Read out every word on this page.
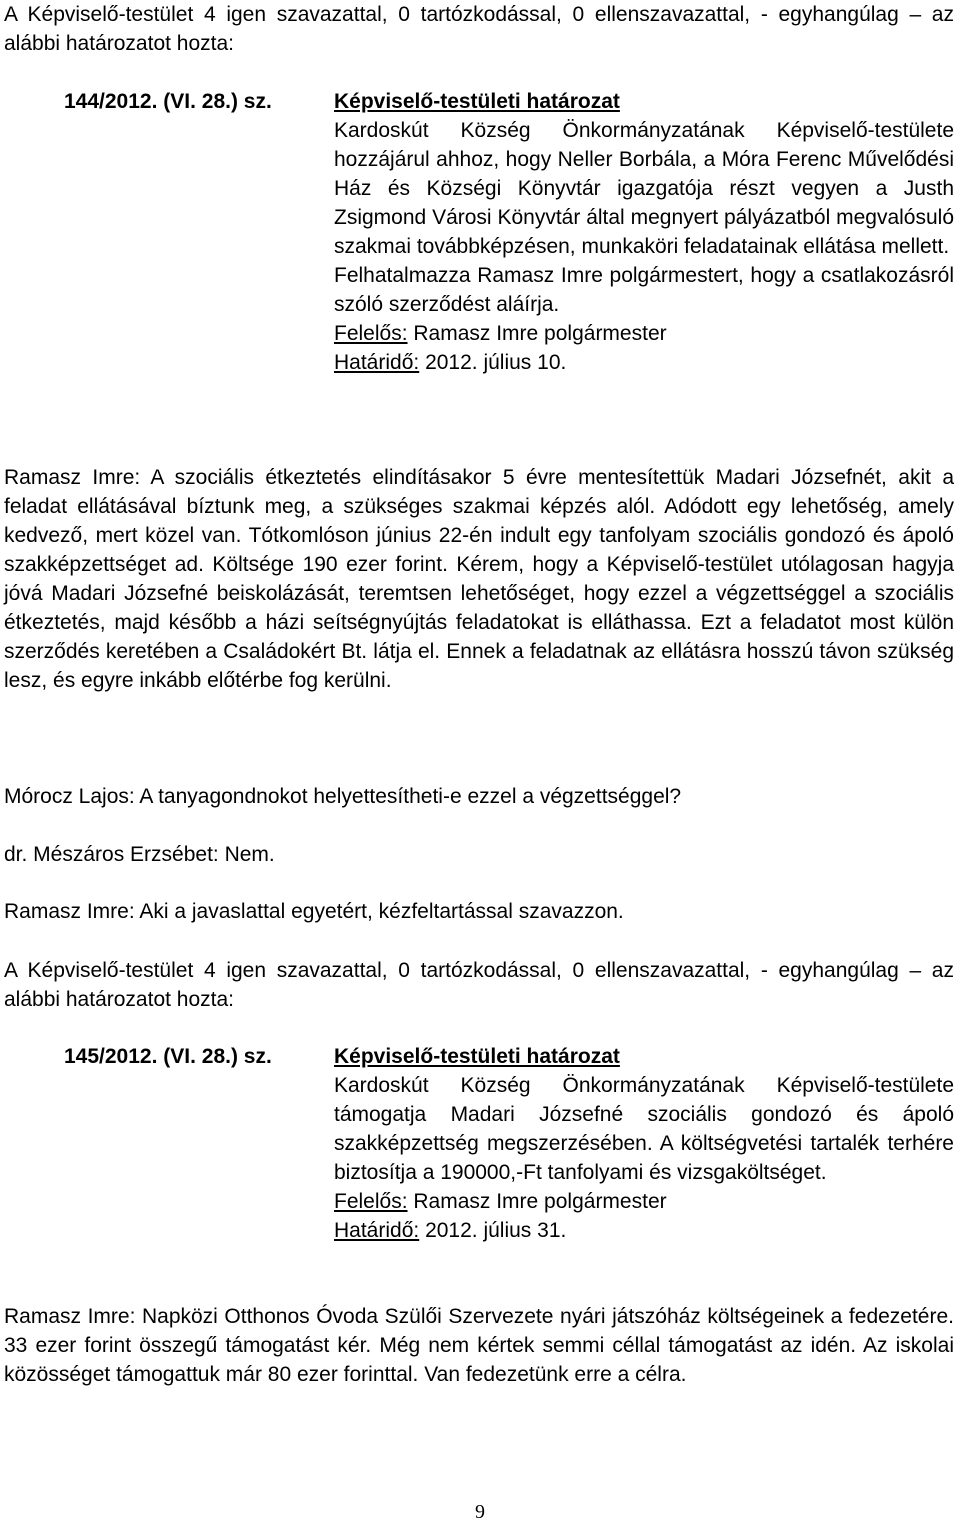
A Képviselő-testület 4 igen szavazattal, 0 tartózkodással, 0 ellenszavazattal, - egyhangúlag – az alábbi határozatot hozta:

144/2012. (VI. 28.) sz.	Képviselő-testületi határozat

Kardoskút Község Önkormányzatának Képviselő-testülete hozzájárul ahhoz, hogy Neller Borbála, a Móra Ferenc Művelődési Ház és Községi Könyvtár igazgatója részt vegyen a Justh Zsigmond Városi Könyvtár által megnyert pályázatból megvalósuló szakmai továbbképzésen, munkaköri feladatainak ellátása mellett.

Felhatalmazza Ramasz Imre polgármestert, hogy a csatlakozásról szóló szerződést aláírja.

Felelős: Ramasz Imre polgármester

Határidő: 2012. július 10.

Ramasz Imre: A szociális étkeztetés elindításakor 5 évre mentesítettük Madari Józsefnét, akit a feladat ellátásával bíztunk meg, a szükséges szakmai képzés alól. Adódott egy lehetőség, amely kedvező, mert közel van. Tótkomlóson június 22-én indult egy tanfolyam szociális gondozó és ápoló szakképzettséget ad. Költsége 190 ezer forint. Kérem, hogy a Képviselő-testület utólagosan hagyja jóvá Madari Józsefné beiskolázását, teremtsen lehetőséget, hogy ezzel a végzettséggel a szociális étkeztetés, majd később a házi seítségnyújtás feladatokat is elláthassa. Ezt a feladatot most külön szerződés keretében a Családokért Bt. látja el. Ennek a feladatnak az ellátásra hosszú távon szükség lesz, és egyre inkább előtérbe fog kerülni.

Mórocz Lajos: A tanyagondnokot helyettesítheti-e ezzel a végzettséggel?

dr. Mészáros Erzsébet: Nem.

Ramasz Imre: Aki a javaslattal egyetért, kézfeltartással szavazzon.

A Képviselő-testület 4 igen szavazattal, 0 tartózkodással, 0 ellenszavazattal, - egyhangúlag – az alábbi határozatot hozta:

145/2012. (VI. 28.) sz.	Képviselő-testületi határozat

Kardoskút Község Önkormányzatának Képviselő-testülete támogatja Madari Józsefné szociális gondozó és ápoló szakképzettség megszerzésében. A költségvetési tartalék terhére biztosítja a 190000,-Ft tanfolyami és vizsgaköltséget.

Felelős: Ramasz Imre polgármester

Határidő: 2012. július 31.

Ramasz Imre: Napközi Otthonos Óvoda Szülői Szervezete nyári játszóház költségeinek a fedezetére. 33 ezer forint összegű támogatást kér. Még nem kértek semmi céllal támogatást az idén. Az iskolai közösséget támogattuk már 80 ezer forinttal. Van fedezetünk erre a célra.

9
